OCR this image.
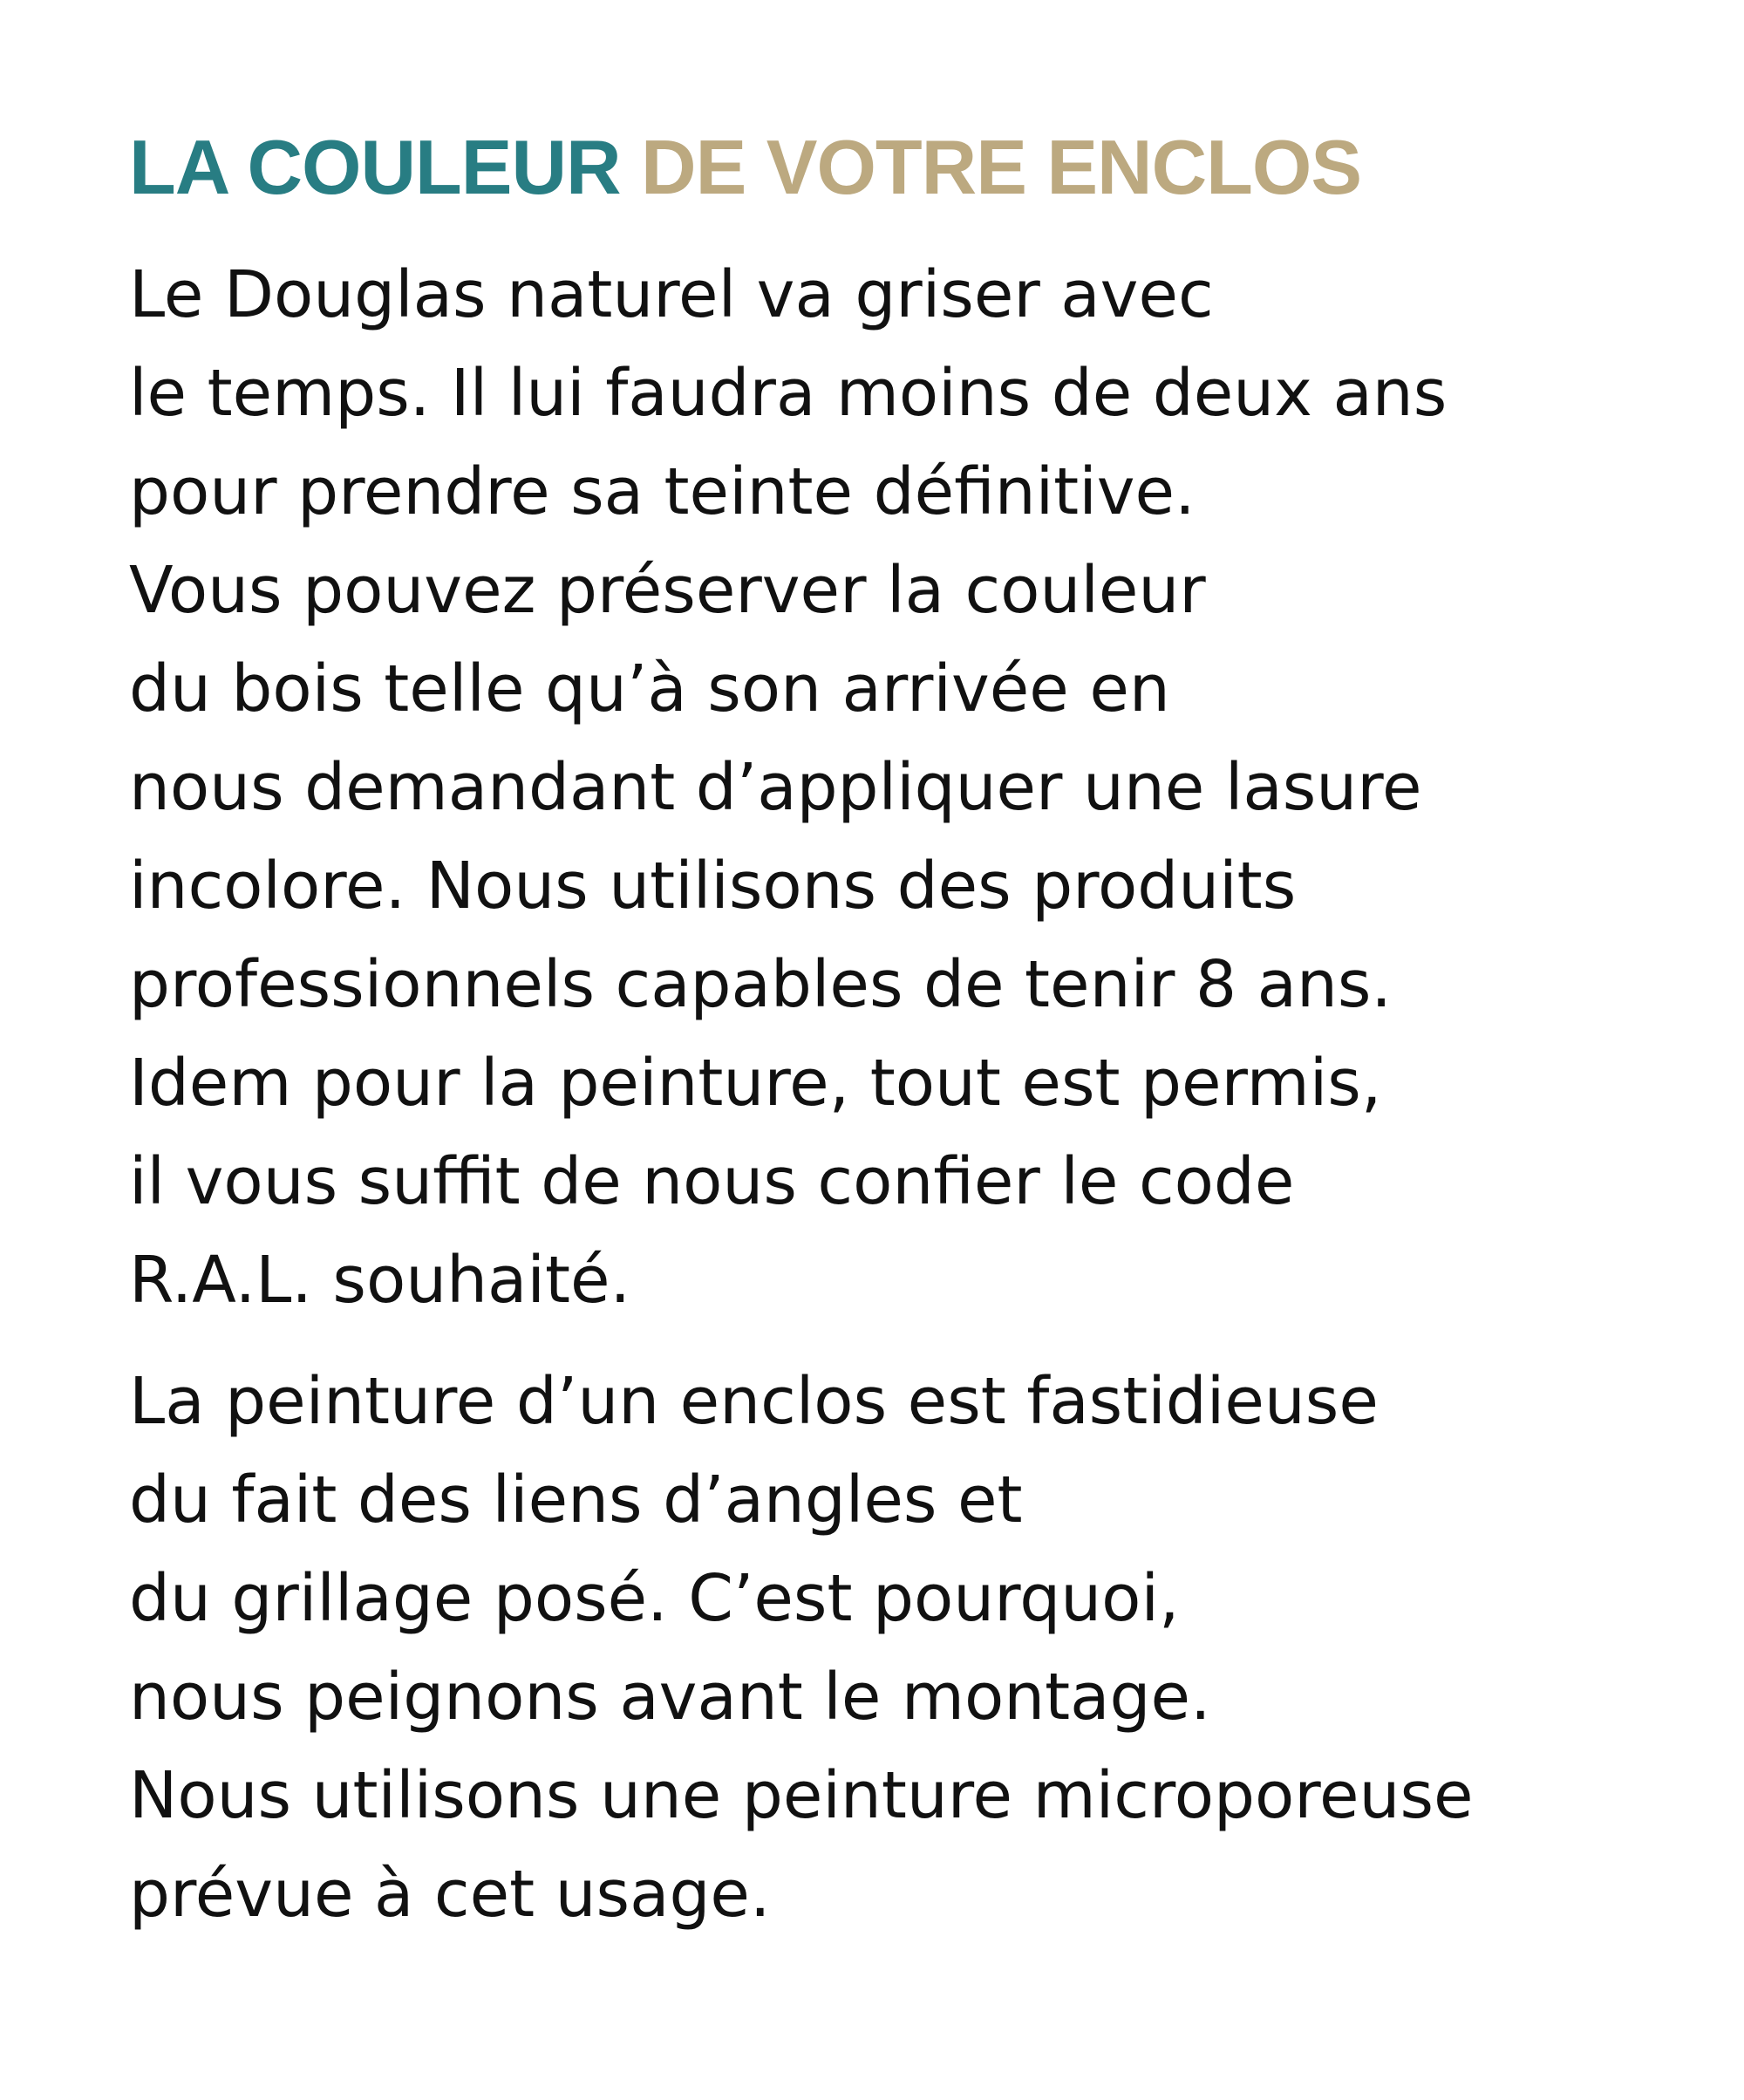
LA COULEUR DE VOTRE ENCLOS
Le Douglas naturel va griser avec
le temps. Il lui faudra moins de deux ans
pour prendre sa teinte définitive.
Vous pouvez préserver la couleur
du bois telle qu’à son arrivée en
nous demandant d’appliquer une lasure
incolore. Nous utilisons des produits
professionnels capables de tenir 8 ans.
Idem pour la peinture, tout est permis,
il vous suffit de nous confier le code
R.A.L. souhaité.
La peinture d’un enclos est fastidieuse
du fait des liens d’angles et
du grillage posé. C’est pourquoi,
nous peignons avant le montage.
Nous utilisons une peinture microporeuse
prévue à cet usage.
